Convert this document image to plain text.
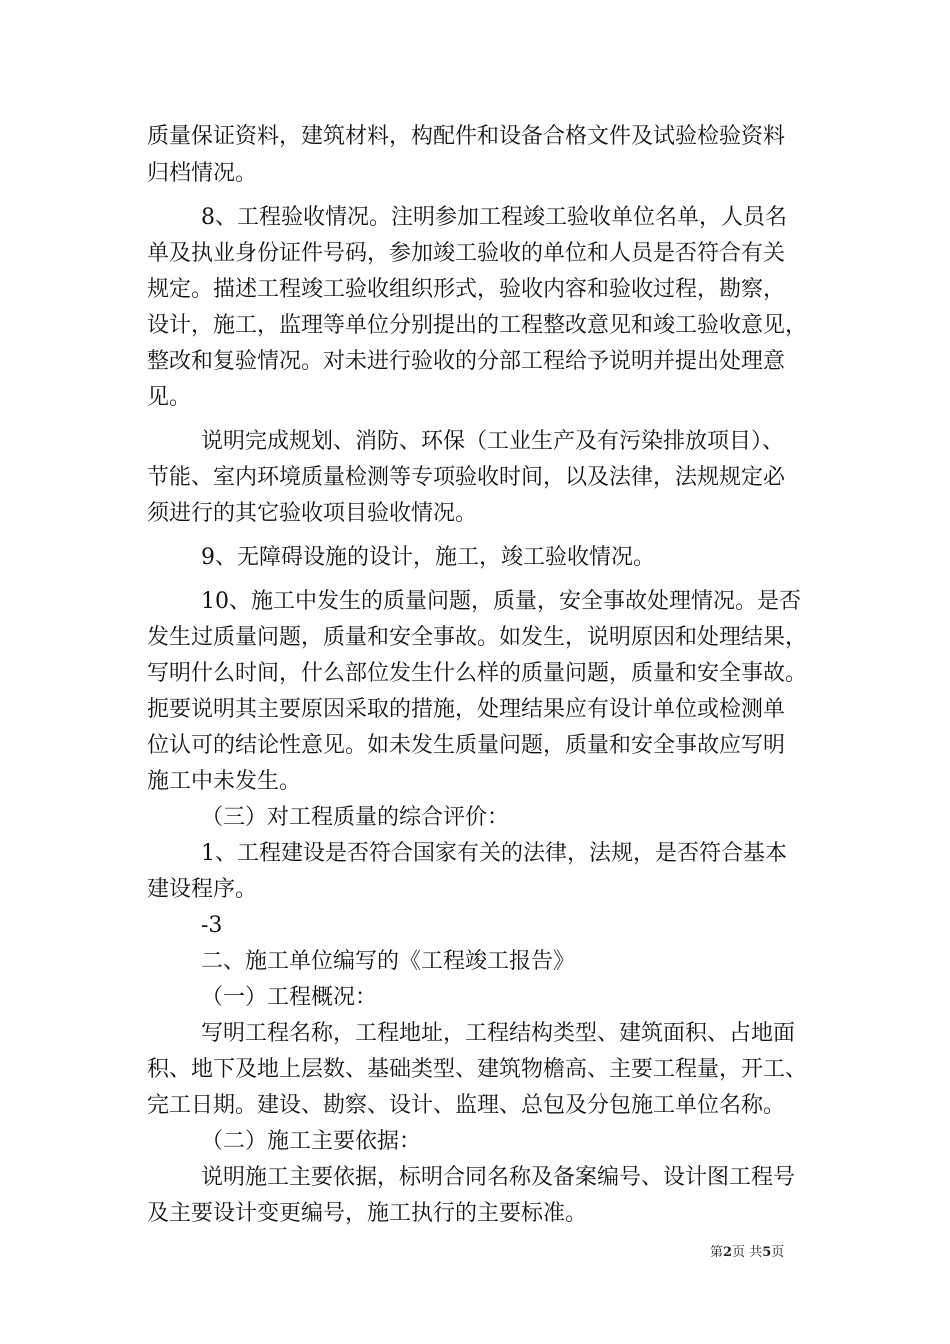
质量保证资料，建筑材料，构配件和设备合格文件及试验检验资料
归档情况。
8、工程验收情况。注明参加工程竣工验收单位名单，人员名
单及执业身份证件号码，参加竣工验收的单位和人员是否符合有关
规定。描述工程竣工验收组织形式，验收内容和验收过程，勘察，
设计，施工，监理等单位分别提出的工程整改意见和竣工验收意见，
整改和复验情况。对未进行验收的分部工程给予说明并提出处理意
见。
说明完成规划、消防、环保（工业生产及有污染排放项目）、
节能、室内环境质量检测等专项验收时间，以及法律，法规规定必
须进行的其它验收项目验收情况。
9、无障碍设施的设计，施工，竣工验收情况。
10、施工中发生的质量问题，质量，安全事故处理情况。是否
发生过质量问题，质量和安全事故。如发生，说明原因和处理结果，
写明什么时间，什么部位发生什么样的质量问题，质量和安全事故。
扼要说明其主要原因采取的措施，处理结果应有设计单位或检测单
位认可的结论性意见。如未发生质量问题，质量和安全事故应写明
施工中未发生。
（三）对工程质量的综合评价：
1、工程建设是否符合国家有关的法律，法规，是否符合基本
建设程序。
-3
二、施工单位编写的《工程竣工报告》
（一）工程概况：
写明工程名称，工程地址，工程结构类型、建筑面积、占地面
积、地下及地上层数、基础类型、建筑物檐高、主要工程量，开工、
完工日期。建设、勘察、设计、监理、总包及分包施工单位名称。
（二）施工主要依据：
说明施工主要依据，标明合同名称及备案编号、设计图工程号
及主要设计变更编号，施工执行的主要标准。
第2页 共5页
